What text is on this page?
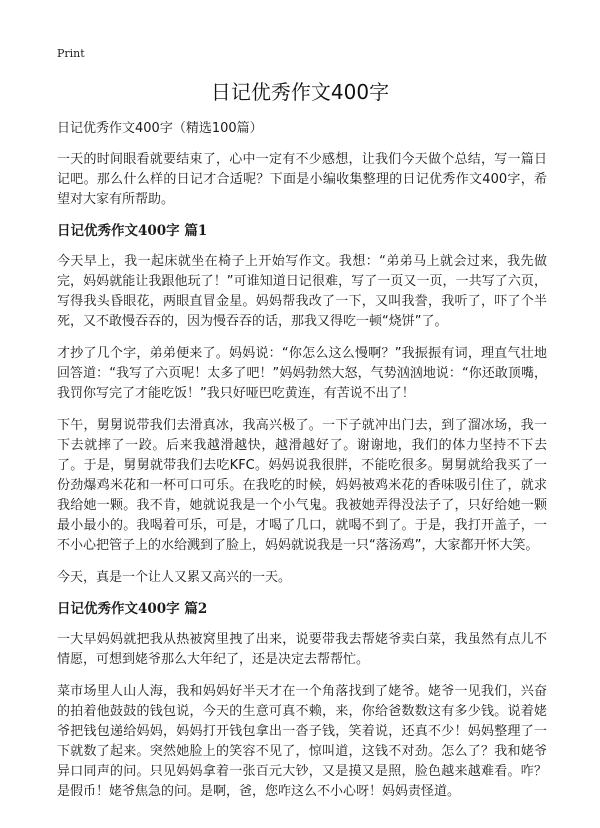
Print
日记优秀作文400字
日记优秀作文400字（精选100篇）

一天的时间眼看就要结束了，心中一定有不少感想，让我们今天做个总结，写一篇日记吧。那么什么样的日记才合适呢？下面是小编收集整理的日记优秀作文400字，希望对大家有所帮助。

日记优秀作文400字 篇1

今天早上，我一起床就坐在椅子上开始写作文。我想：“弟弟马上就会过来，我先做完，妈妈就能让我跟他玩了！”可谁知道日记很难，写了一页又一页，一共写了六页，写得我头昏眼花，两眼直冒金星。妈妈帮我改了一下，又叫我誊，我听了，吓了个半死，又不敢慢吞吞的，因为慢吞吞的话，那我又得吃一顿“烧饼”了。

才抄了几个字，弟弟便来了。妈妈说：“你怎么这么慢啊？”我振振有词，理直气壮地回答道：“我写了六页呢！太多了吧！”妈妈勃然大怒，气势汹汹地说：“你还敢顶嘴，我罚你写完了才能吃饭！”我只好哑巴吃黄连，有苦说不出了！

下午，舅舅说带我们去滑真冰，我高兴极了。一下子就冲出门去，到了溜冰场，我一下去就摔了一跤。后来我越滑越快，越滑越好了。谢谢地，我们的体力坚持不下去了。于是，舅舅就带我们去吃KFC。妈妈说我很胖，不能吃很多。舅舅就给我买了一份劲爆鸡米花和一杯可口可乐。在我吃的时候，妈妈被鸡米花的香味吸引住了，就求我给她一颗。我不肯，她就说我是一个小气鬼。我被她弄得没法子了，只好给她一颗最小最小的。我喝着可乐，可是，才喝了几口，就喝不到了。于是，我打开盖子，一不小心把管子上的水给溅到了脸上，妈妈就说我是一只“落汤鸡”，大家都开怀大笑。

今天，真是一个让人又累又高兴的一天。

日记优秀作文400字 篇2

一大早妈妈就把我从热被窝里拽了出来，说要带我去帮姥爷卖白菜，我虽然有点儿不情愿，可想到姥爷那么大年纪了，还是决定去帮帮忙。

菜市场里人山人海，我和妈妈好半天才在一个角落找到了姥爷。姥爷一见我们，兴奋的拍着他鼓鼓的钱包说，今天的生意可真不赖，来，你给爸数数这有多少钱。说着姥爷把钱包递给妈妈，妈妈打开钱包拿出一沓子钱，笑着说，还真不少！妈妈整理了一下就数了起来。突然她脸上的笑容不见了，惊叫道，这钱不对劲。怎么了？我和姥爷异口同声的问。只见妈妈拿着一张百元大钞，又是摸又是照，脸色越来越难看。咋？是假币！姥爷焦急的问。是啊，爸，您咋这么不小心呀！妈妈责怪道。
